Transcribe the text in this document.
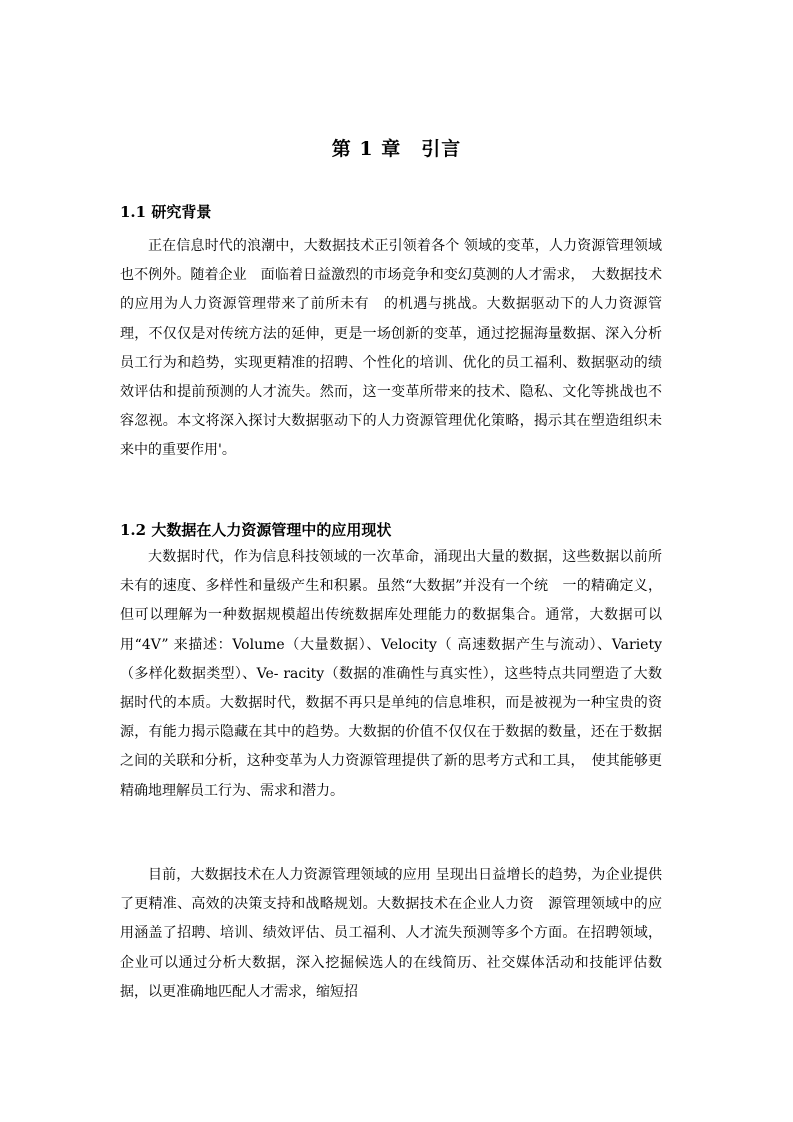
第 1 章　引言
1.1 研究背景

正在信息时代的浪潮中，大数据技术正引领着各个 领域的变革，人力资源管理领域也不例外。随着企业　面临着日益激烈的市场竞争和变幻莫测的人才需求，　大数据技术的应用为人力资源管理带来了前所未有　的机遇与挑战。大数据驱动下的人力资源管理，不仅仅是对传统方法的延伸，更是一场创新的变革，通过挖掘海量数据、深入分析员工行为和趋势，实现更精准的招聘、个性化的培训、优化的员工福利、数据驱动的绩效评估和提前预测的人才流失。然而，这一变革所带来的技术、隐私、文化等挑战也不容忽视。本文将深入探讨大数据驱动下的人力资源管理优化策略，揭示其在塑造组织未来中的重要作用'。

1.2 大数据在人力资源管理中的应用现状

大数据时代，作为信息科技领域的一次革命，涌现出大量的数据，这些数据以前所未有的速度、多样性和量级产生和积累。虽然“大数据”并没有一个统　一的精确定义，但可以理解为一种数据规模超出传统数据库处理能力的数据集合。通常，大数据可以用“4V” 来描述：Volume（大量数据）、Velocity（ 高速数据产生与流动）、Variety（多样化数据类型）、Ve- racity（数据的准确性与真实性），这些特点共同塑造了大数据时代的本质。大数据时代，数据不再只是单纯的信息堆积，而是被视为一种宝贵的资源，有能力揭示隐藏在其中的趋势。大数据的价值不仅仅在于数据的数量，还在于数据之间的关联和分析，这种变革为人力资源管理提供了新的思考方式和工具，　使其能够更精确地理解员工行为、需求和潜力。

目前，大数据技术在人力资源管理领域的应用 呈现出日益增长的趋势，为企业提供了更精准、高效的决策支持和战略规划。大数据技术在企业人力资　源管理领域中的应用涵盖了招聘、培训、绩效评估、员工福利、人才流失预测等多个方面。在招聘领域，企业可以通过分析大数据，深入挖掘候选人的在线简历、社交媒体活动和技能评估数据，以更准确地匹配人才需求，缩短招
